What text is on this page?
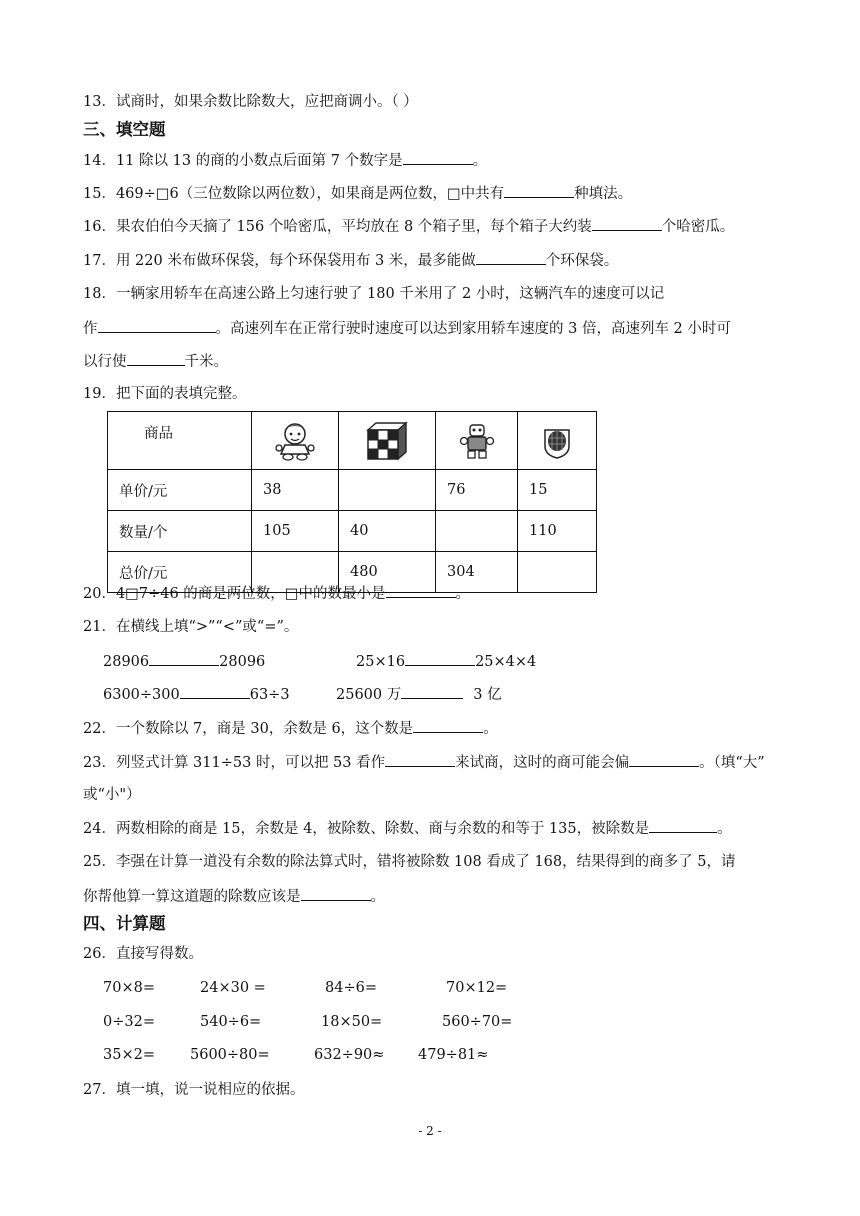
13．试商时，如果余数比除数大，应把商调小。（ ）
三、填空题
14．11 除以 13 的商的小数点后面第 7 个数字是	。
15．469÷□6（三位数除以两位数），如果商是两位数，□中共有	种填法。
16．果农伯伯今天摘了 156 个哈密瓜，平均放在 8 个箱子里，每个箱子大约装	个哈密瓜。
17．用 220 米布做环保袋，每个环保袋用布 3 米，最多能做	个环保袋。
18．一辆家用轿车在高速公路上匀速行驶了 180 千米用了 2 小时，这辆汽车的速度可以记
作	。高速列车在正常行驶时速度可以达到家用轿车速度的 3 倍，高速列车 2 小时可
以行使	千米。
19．把下面的表填完整。
商品	

单价/元	38		76	15
数量/个	105	40		110
总价/元		480	304	
20．4□7÷46 的商是两位数，□中的数最小是	。
21．在横线上填“>”“<”或“=”。
28906	28096	25×16	25×4×4
6300÷300	63÷3	25600 万	3 亿
22．一个数除以 7，商是 30，余数是 6，这个数是	。
23．列竖式计算 311÷53 时，可以把 53 看作	来试商，这时的商可能会偏	。（填“大”
或“小"）
24．两数相除的商是 15，余数是 4，被除数、除数、商与余数的和等于 135，被除数是	。
25．李强在计算一道没有余数的除法算式时，错将被除数 108 看成了 168，结果得到的商多了 5，请
你帮他算一算这道题的除数应该是	。
四、计算题
26．直接写得数。
70×8=	24×30 =	84÷6=	70×12=
0÷32=	540÷6=	18×50=	560÷70=
35×2= 5600÷80=	632÷90≈ 479÷81≈
27．填一填，说一说相应的依据。
- 2 -
